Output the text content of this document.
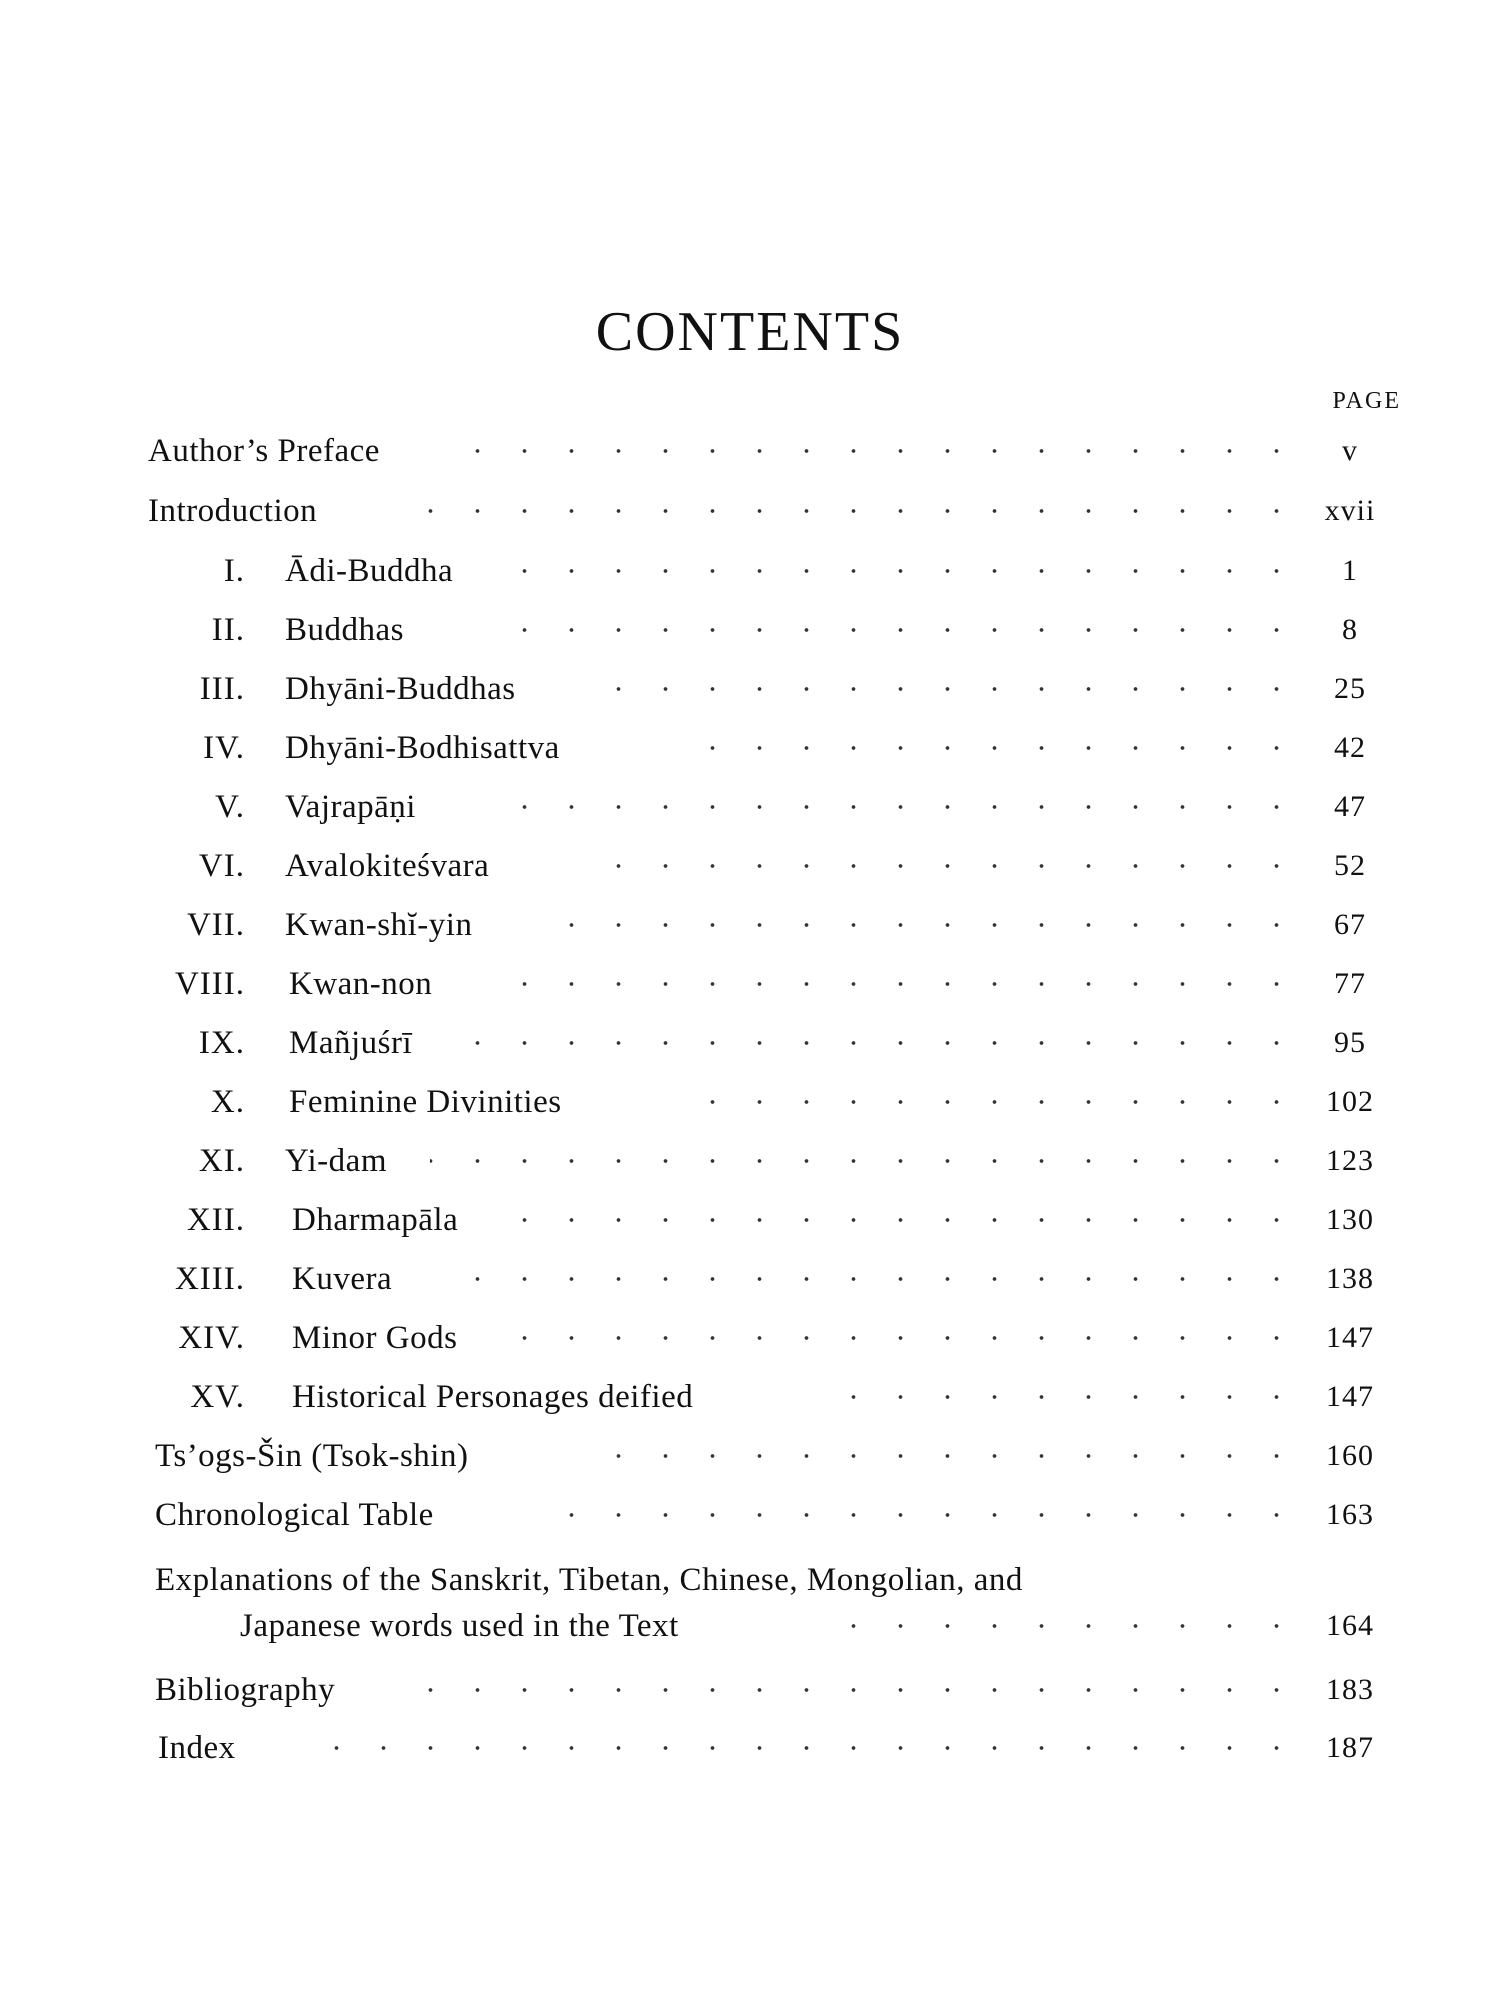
CONTENTS
PAGE
Author’s Preface	v
Introduction	xvii
I. Ādi-Buddha	1
II. Buddhas	8
III. Dhyāni-Buddhas	25
IV. Dhyāni-Bodhisattva	42
V. Vajrapāṇi	47
VI. Avalokiteśvara	52
VII. Kwan-shĭ-yin	67
VIII. Kwan-non	77
IX. Mañjuśrī	95
X. Feminine Divinities	102
XI. Yi-dam	123
XII. Dharmapāla	130
XIII. Kuvera	138
XIV. Minor Gods	147
XV. Historical Personages deified	147
Ts’ogs-Šin (Tsok-shin)	160
Chronological Table	163
Explanations of the Sanskrit, Tibetan, Chinese, Mongolian, and
Japanese words used in the Text	164
Bibliography	183
Index	187
